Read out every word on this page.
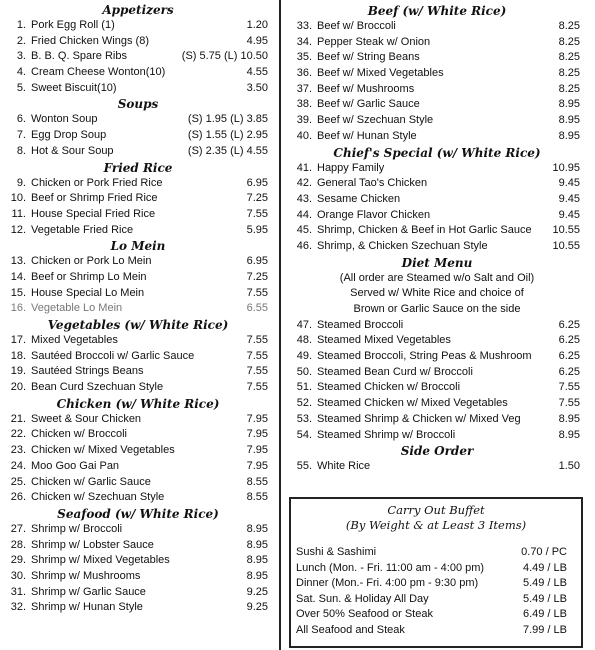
Appetizers
1. Pork Egg Roll (1)	1.20
2. Fried Chicken Wings (8)	4.95
3. B. B. Q. Spare Ribs	(S) 5.75 (L) 10.50
4. Cream Cheese Wonton(10)	4.55
5. Sweet Biscuit(10)	3.50
Soups
6. Wonton Soup	(S) 1.95 (L) 3.85
7. Egg Drop Soup	(S) 1.55 (L) 2.95
8. Hot & Sour Soup	(S) 2.35 (L) 4.55
Fried Rice
9. Chicken or Pork Fried Rice	6.95
10. Beef or Shrimp Fried Rice	7.25
11. House Special Fried Rice	7.55
12. Vegetable Fried Rice	5.95
Lo Mein
13. Chicken or Pork Lo Mein	6.95
14. Beef or Shrimp Lo Mein	7.25
15. House Special Lo Mein	7.55
16. Vegetable Lo Mein	6.55
Vegetables (w/ White Rice)
17. Mixed Vegetables	7.55
18. Sautéed Broccoli w/ Garlic Sauce	7.55
19. Sautéed Strings Beans	7.55
20. Bean Curd Szechuan Style	7.55
Chicken (w/ White Rice)
21. Sweet & Sour Chicken	7.95
22. Chicken w/ Broccoli	7.95
23. Chicken w/ Mixed Vegetables	7.95
24. Moo Goo Gai Pan	7.95
25. Chicken w/ Garlic Sauce	8.55
26. Chicken w/ Szechuan Style	8.55
Seafood (w/ White Rice)
27. Shrimp w/ Broccoli	8.95
28. Shrimp w/ Lobster Sauce	8.95
29. Shrimp w/ Mixed Vegetables	8.95
30. Shrimp w/ Mushrooms	8.95
31. Shrimp w/ Garlic Sauce	9.25
32. Shrimp w/ Hunan Style	9.25
Beef (w/ White Rice)
33. Beef w/ Broccoli	8.25
34. Pepper Steak w/ Onion	8.25
35. Beef w/ String Beans	8.25
36. Beef w/ Mixed Vegetables	8.25
37. Beef w/ Mushrooms	8.25
38. Beef w/ Garlic Sauce	8.95
39. Beef w/ Szechuan Style	8.95
40. Beef w/ Hunan Style	8.95
Chief's Special (w/ White Rice)
41. Happy Family	10.95
42. General Tao's Chicken	9.45
43. Sesame Chicken	9.45
44. Orange Flavor Chicken	9.45
45. Shrimp, Chicken & Beef in Hot Garlic Sauce 10.55
46. Shrimp, & Chicken Szechuan Style	10.55
Diet Menu
(All order are Steamed w/o Salt and Oil)
Served w/ White Rice and choice of
Brown or Garlic Sauce on the side
47. Steamed Broccoli	6.25
48. Steamed Mixed Vegetables	6.25
49. Steamed Broccoli, String Peas & Mushroom 6.25
50. Steamed Bean Curd w/ Broccoli	6.25
51. Steamed Chicken w/ Broccoli	7.55
52. Steamed Chicken w/ Mixed Vegetables	7.55
53. Steamed Shrimp & Chicken w/ Mixed Veg	8.95
54. Steamed Shrimp w/ Broccoli	8.95
Side Order
55. White Rice	1.50
Carry Out Buffet
(By Weight & at Least 3 Items)
Sushi & Sashimi	0.70 / PC
Lunch (Mon. - Fri. 11:00 am - 4:00 pm)	4.49 / LB
Dinner (Mon.- Fri. 4:00 pm - 9:30 pm)	5.49 / LB
Sat. Sun. & Holiday All Day	5.49 / LB
Over 50% Seafood or Steak	6.49 / LB
All Seafood and Steak	7.99 / LB
